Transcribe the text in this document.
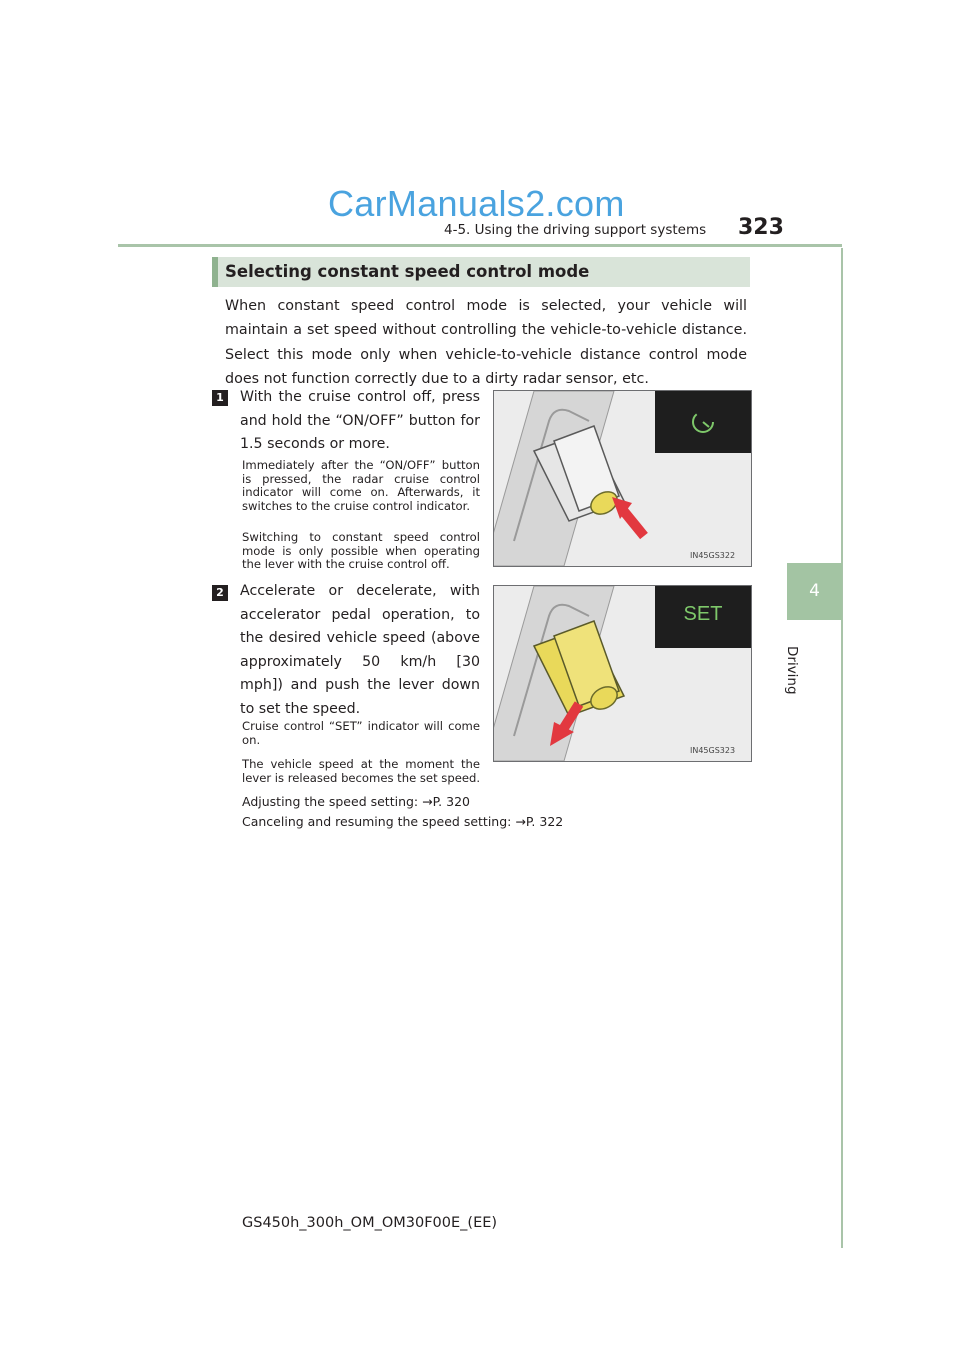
CarManuals2.com
4-5. Using the driving support systems 323
4
Driving
Selecting constant speed control mode
When constant speed control mode is selected, your vehicle will maintain a set speed without controlling the vehicle-to-vehicle distance. Select this mode only when vehicle-to-vehicle distance control mode does not function correctly due to a dirty radar sensor, etc.
1 With the cruise control off, press and hold the “ON/OFF” button for 1.5 seconds or more.
Immediately after the “ON/OFF” button is pressed, the radar cruise control indicator will come on. Afterwards, it switches to the cruise control indicator.
Switching to constant speed control mode is only possible when operating the lever with the cruise control off.
IN45GS322
2 Accelerate or decelerate, with accelerator pedal operation, to the desired vehicle speed (above approximately 50 km/h [30 mph]) and push the lever down to set the speed.
Cruise control “SET” indicator will come on.
The vehicle speed at the moment the lever is released becomes the set speed.
Adjusting the speed setting: →P. 320
Canceling and resuming the speed setting: →P. 322
SET
IN45GS323
GS450h_300h_OM_OM30F00E_(EE)
